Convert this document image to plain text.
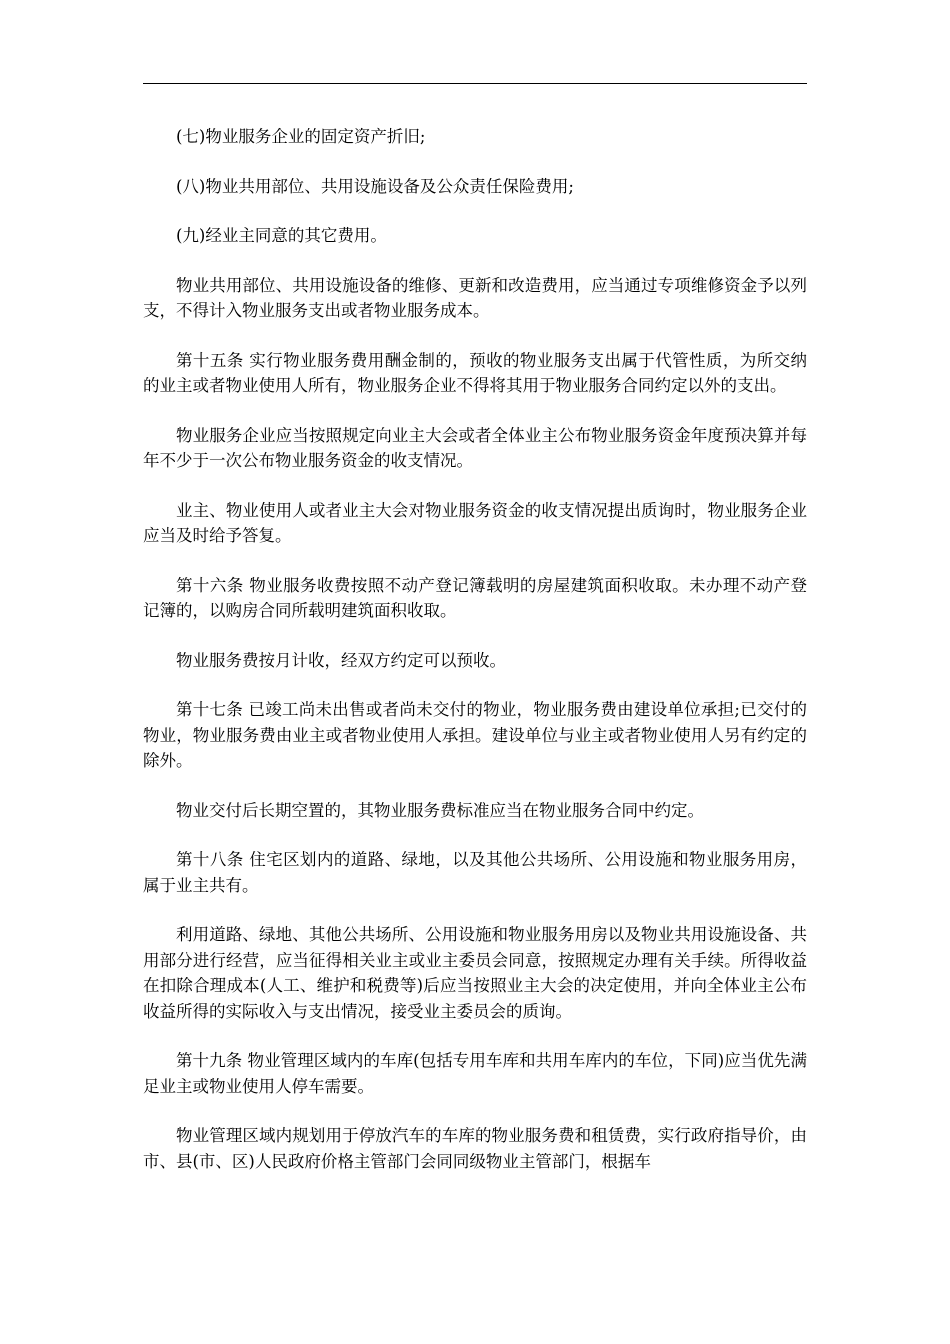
(七)物业服务企业的固定资产折旧;

(八)物业共用部位、共用设施设备及公众责任保险费用;

(九)经业主同意的其它费用。

物业共用部位、共用设施设备的维修、更新和改造费用，应当通过专项维修资金予以列支，不得计入物业服务支出或者物业服务成本。

第十五条 实行物业服务费用酬金制的，预收的物业服务支出属于代管性质，为所交纳的业主或者物业使用人所有，物业服务企业不得将其用于物业服务合同约定以外的支出。

物业服务企业应当按照规定向业主大会或者全体业主公布物业服务资金年度预决算并每年不少于一次公布物业服务资金的收支情况。

业主、物业使用人或者业主大会对物业服务资金的收支情况提出质询时，物业服务企业应当及时给予答复。

第十六条 物业服务收费按照不动产登记簿载明的房屋建筑面积收取。未办理不动产登记簿的，以购房合同所载明建筑面积收取。

物业服务费按月计收，经双方约定可以预收。

第十七条 已竣工尚未出售或者尚未交付的物业，物业服务费由建设单位承担;已交付的物业，物业服务费由业主或者物业使用人承担。建设单位与业主或者物业使用人另有约定的除外。

物业交付后长期空置的，其物业服务费标准应当在物业服务合同中约定。

第十八条 住宅区划内的道路、绿地，以及其他公共场所、公用设施和物业服务用房，属于业主共有。

利用道路、绿地、其他公共场所、公用设施和物业服务用房以及物业共用设施设备、共用部分进行经营，应当征得相关业主或业主委员会同意，按照规定办理有关手续。所得收益在扣除合理成本(人工、维护和税费等)后应当按照业主大会的决定使用，并向全体业主公布收益所得的实际收入与支出情况，接受业主委员会的质询。

第十九条 物业管理区域内的车库(包括专用车库和共用车库内的车位，下同)应当优先满足业主或物业使用人停车需要。

物业管理区域内规划用于停放汽车的车库的物业服务费和租赁费，实行政府指导价，由市、县(市、区)人民政府价格主管部门会同同级物业主管部门，根据车
